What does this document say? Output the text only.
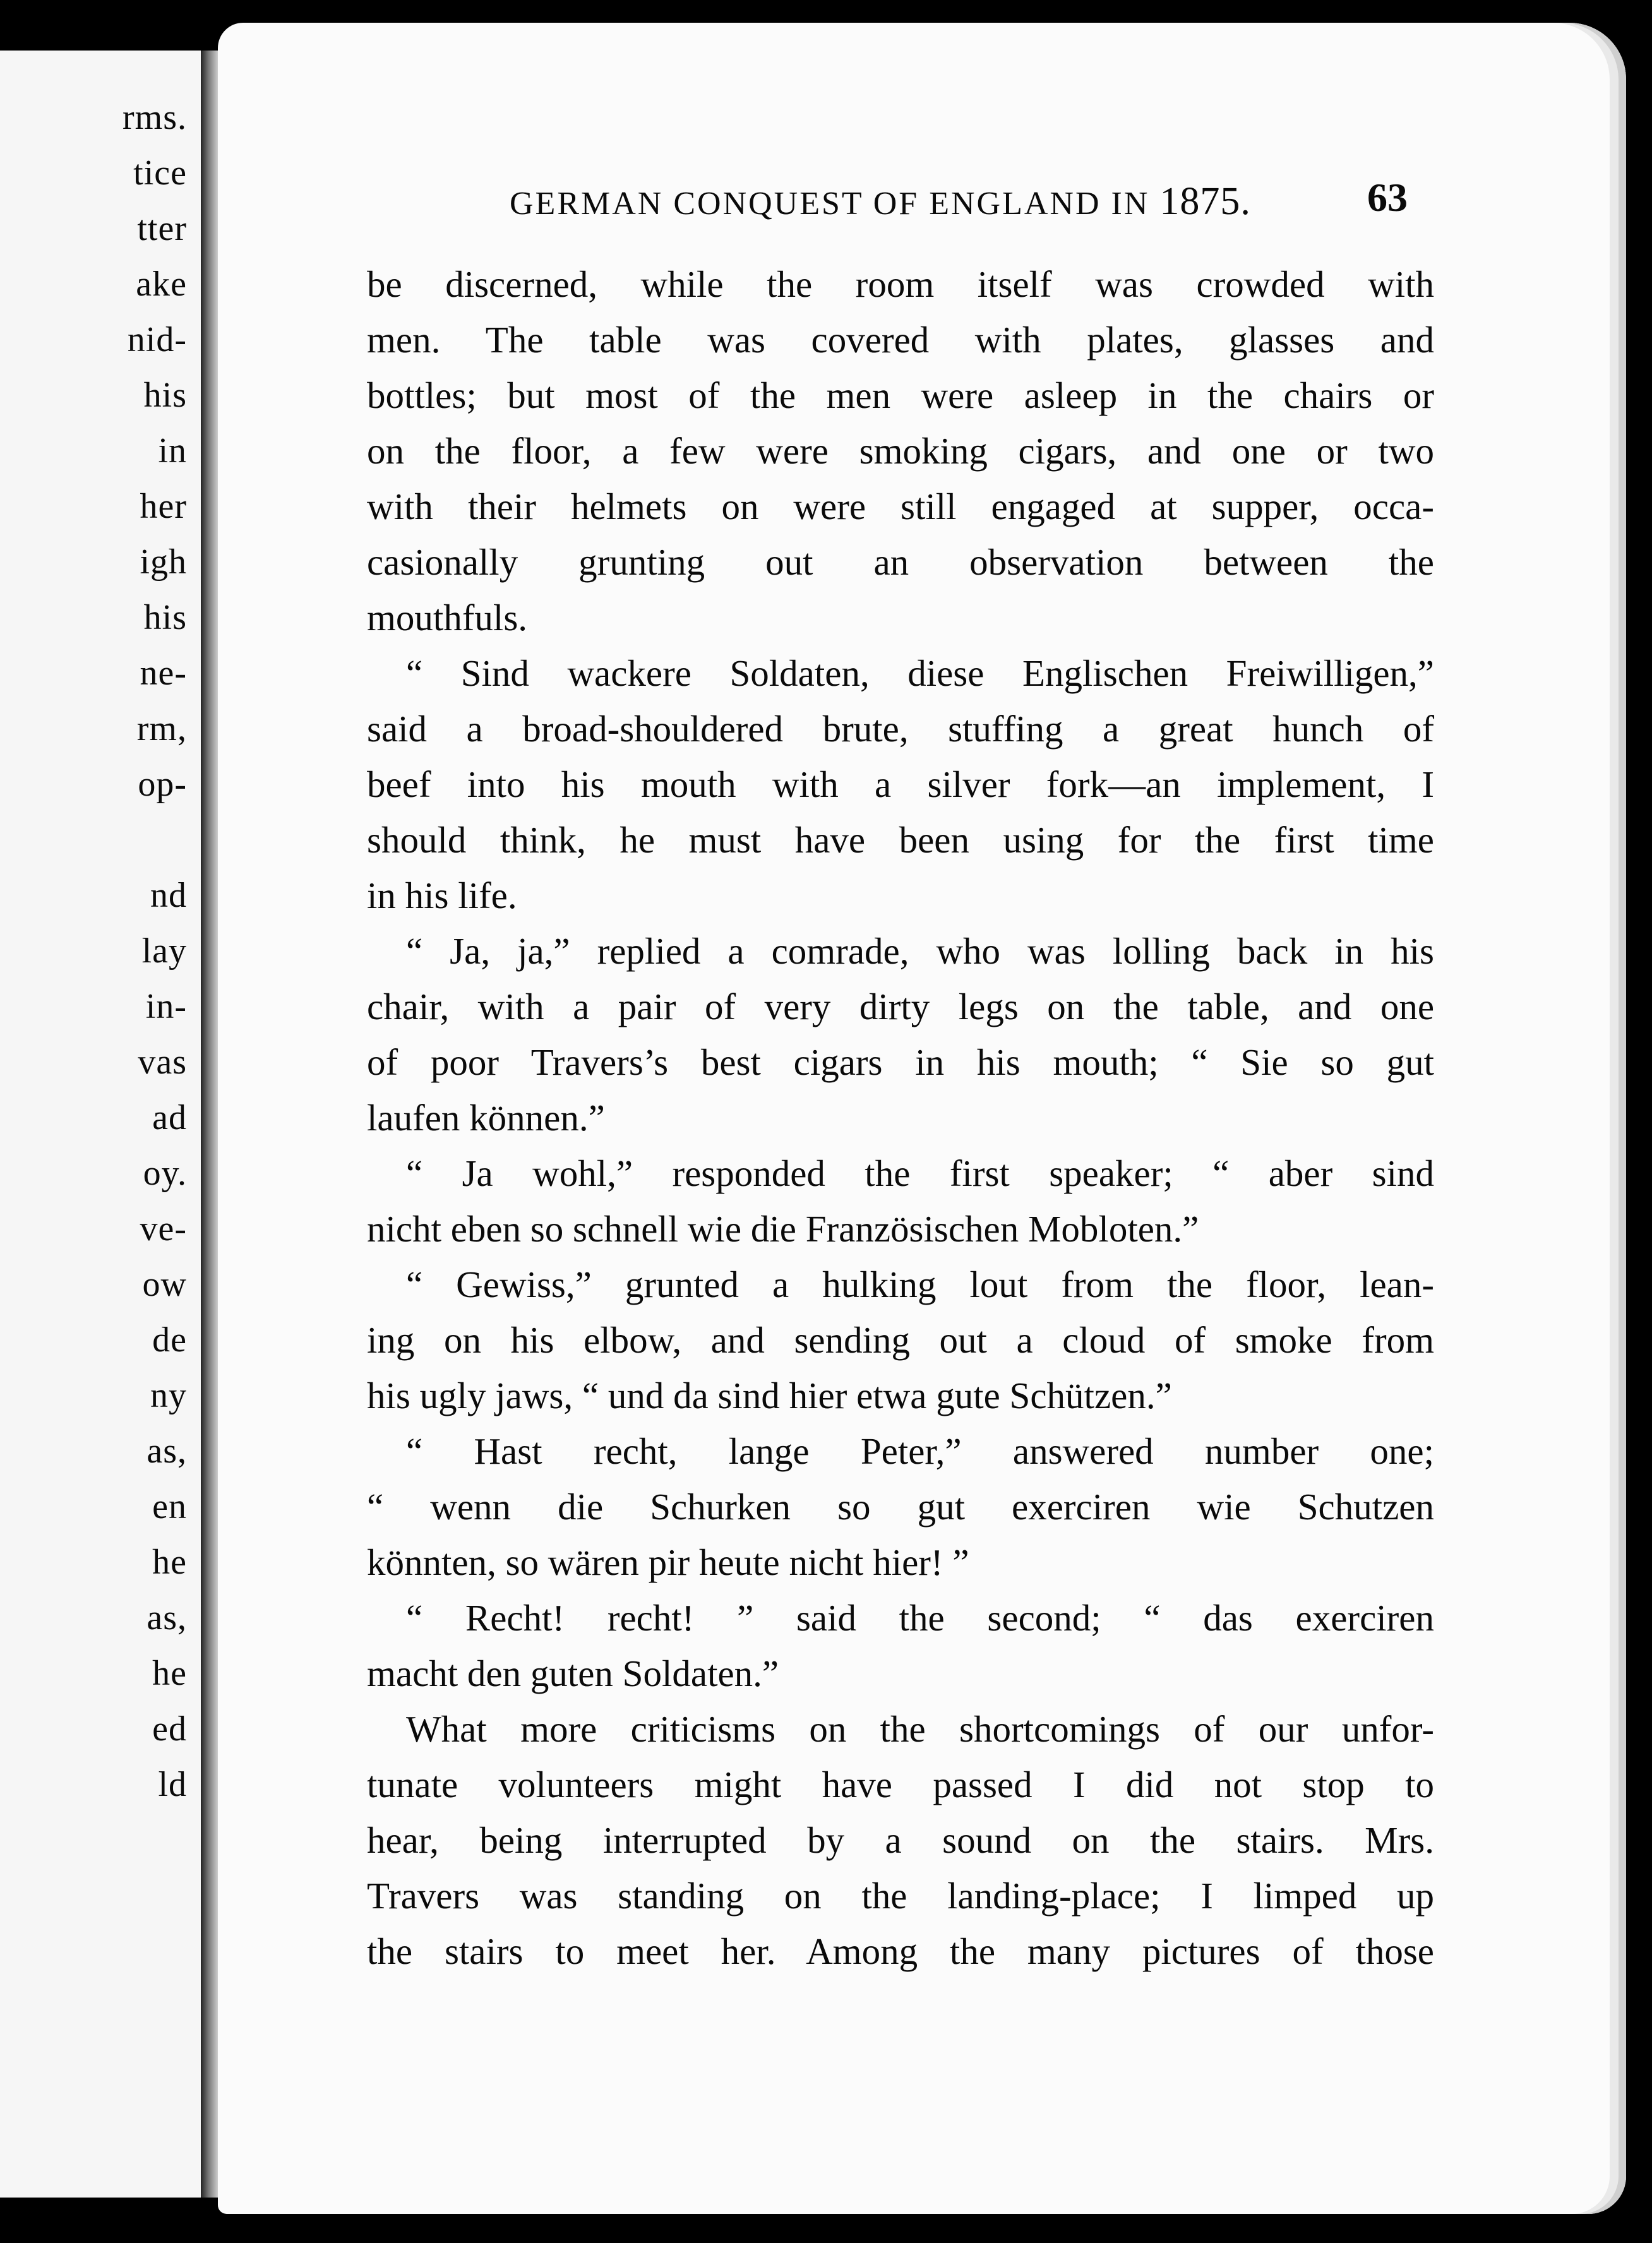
rms.
tice
tter
ake
nid-
his
in
her
igh
his
ne-
rm,
op-
nd
lay
in-
vas
ad
oy.
ve-
ow
de
ny
as,
en
he
as,
he
ed
ld
GERMAN CONQUEST OF ENGLAND IN 1875.	63
be discerned, while the room itself was crowded with
men. The table was covered with plates, glasses and
bottles; but most of the men were asleep in the chairs or
on the floor, a few were smoking cigars, and one or two
with their helmets on were still engaged at supper, occa-
casionally grunting out an observation between the
mouthfuls.
“ Sind wackere Soldaten, diese Englischen Freiwilligen,”
said a broad-shouldered brute, stuffing a great hunch of
beef into his mouth with a silver fork—an implement, I
should think, he must have been using for the first time
in his life.
“ Ja, ja,” replied a comrade, who was lolling back in his
chair, with a pair of very dirty legs on the table, and one
of poor Travers’s best cigars in his mouth; “ Sie so gut
laufen können.”
“ Ja wohl,” responded the first speaker; “ aber sind
nicht eben so schnell wie die Französischen Mobloten.”
“ Gewiss,” grunted a hulking lout from the floor, lean-
ing on his elbow, and sending out a cloud of smoke from
his ugly jaws, “ und da sind hier etwa gute Schützen.”
“ Hast recht, lange Peter,” answered number one;
“ wenn die Schurken so gut exerciren wie Schutzen
könnten, so wären pir heute nicht hier! ”
“ Recht! recht! ” said the second; “ das exerciren
macht den guten Soldaten.”
What more criticisms on the shortcomings of our unfor-
tunate volunteers might have passed I did not stop to
hear, being interrupted by a sound on the stairs. Mrs.
Travers was standing on the landing-place; I limped up
the stairs to meet her. Among the many pictures of those
